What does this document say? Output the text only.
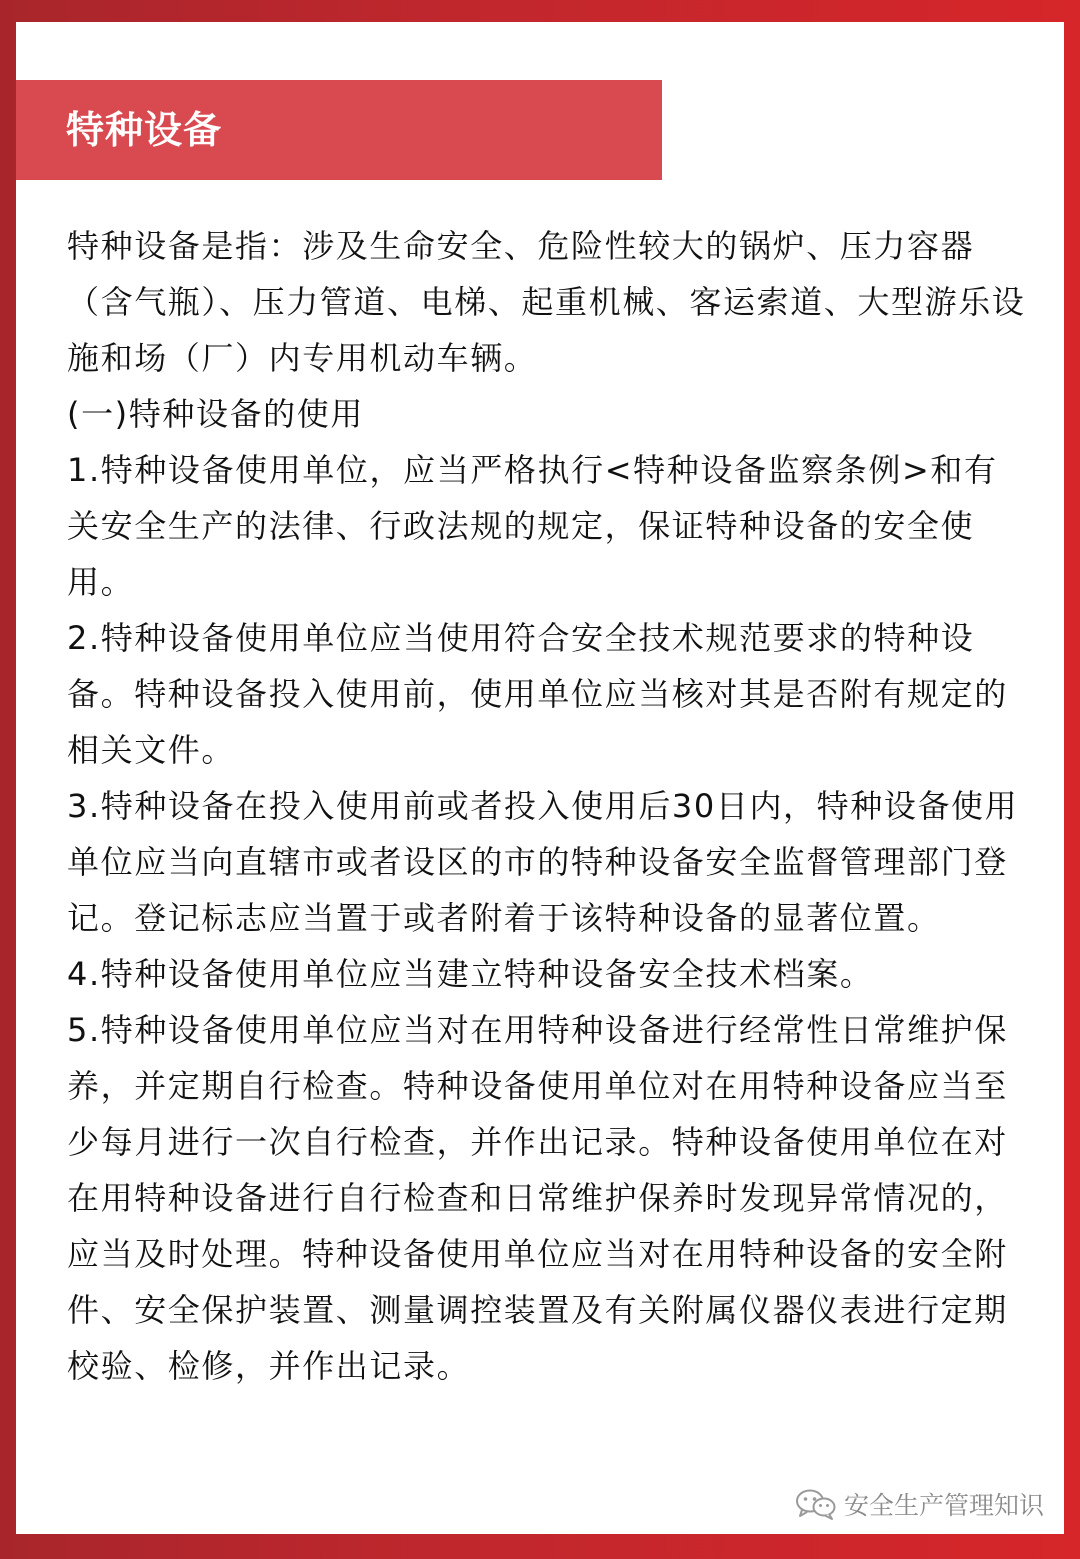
特种设备

特种设备是指：涉及生命安全、危险性较大的锅炉、压力容器（含气瓶）、压力管道、电梯、起重机械、客运索道、大型游乐设施和场（厂）内专用机动车辆。

(一)特种设备的使用

1.特种设备使用单位，应当严格执行<特种设备监察条例>和有关安全生产的法律、行政法规的规定，保证特种设备的安全使用。

2.特种设备使用单位应当使用符合安全技术规范要求的特种设备。特种设备投入使用前，使用单位应当核对其是否附有规定的相关文件。

3.特种设备在投入使用前或者投入使用后30日内，特种设备使用单位应当向直辖市或者设区的市的特种设备安全监督管理部门登记。登记标志应当置于或者附着于该特种设备的显著位置。

4.特种设备使用单位应当建立特种设备安全技术档案。

5.特种设备使用单位应当对在用特种设备进行经常性日常维护保养，并定期自行检查。特种设备使用单位对在用特种设备应当至少每月进行一次自行检查，并作出记录。特种设备使用单位在对在用特种设备进行自行检查和日常维护保养时发现异常情况的，应当及时处理。特种设备使用单位应当对在用特种设备的安全附件、安全保护装置、测量调控装置及有关附属仪器仪表进行定期校验、检修，并作出记录。

安全生产管理知识
